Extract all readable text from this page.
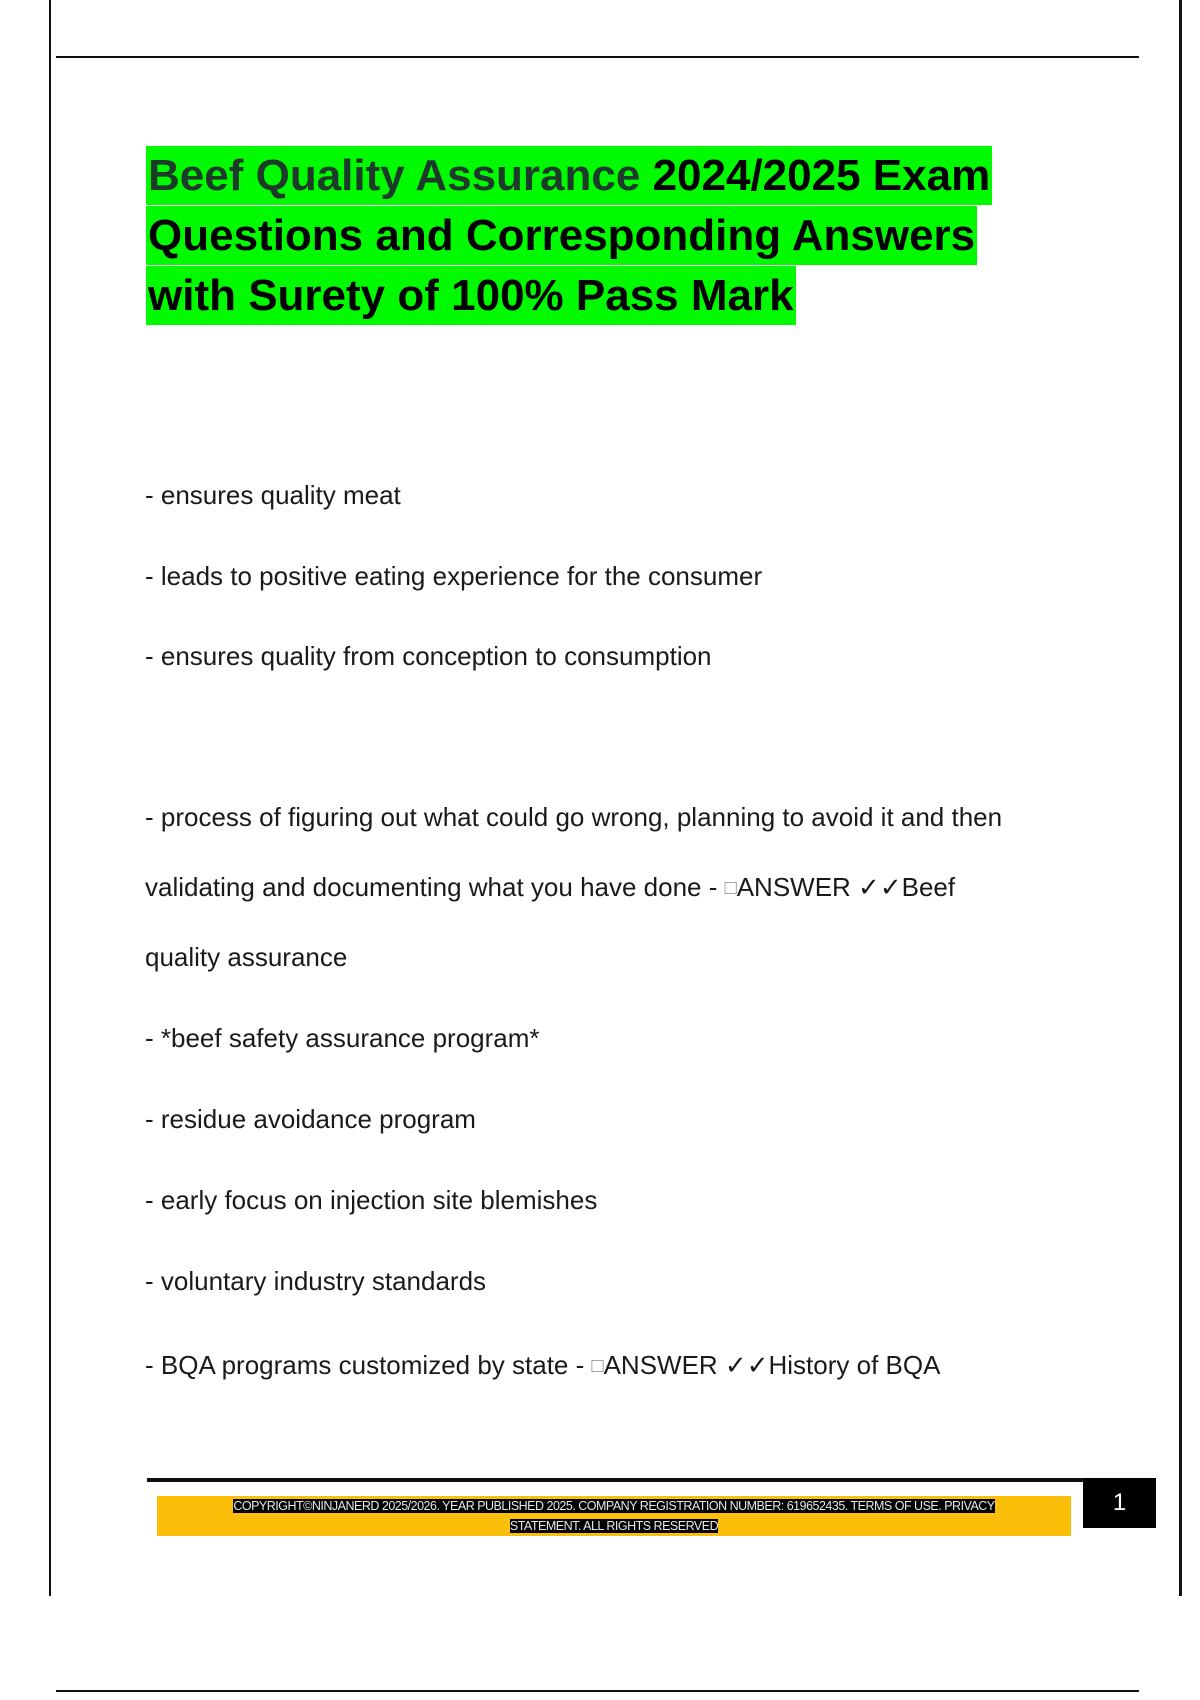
Beef Quality Assurance 2024/2025 Exam
Questions and Corresponding Answers
with Surety of 100% Pass Mark
- ensures quality meat
- leads to positive eating experience for the consumer
- ensures quality from conception to consumption
- process of figuring out what could go wrong, planning to avoid it and then
validating and documenting what you have done - □ANSWER ✓✓Beef
quality assurance
- *beef safety assurance program*
- residue avoidance program
- early focus on injection site blemishes
- voluntary industry standards
- BQA programs customized by state - □ANSWER ✓✓History of BQA
COPYRIGHT©NINJANERD 2025/2026. YEAR PUBLISHED 2025. COMPANY REGISTRATION NUMBER: 619652435. TERMS OF USE. PRIVACY
STATEMENT. ALL RIGHTS RESERVED
1
